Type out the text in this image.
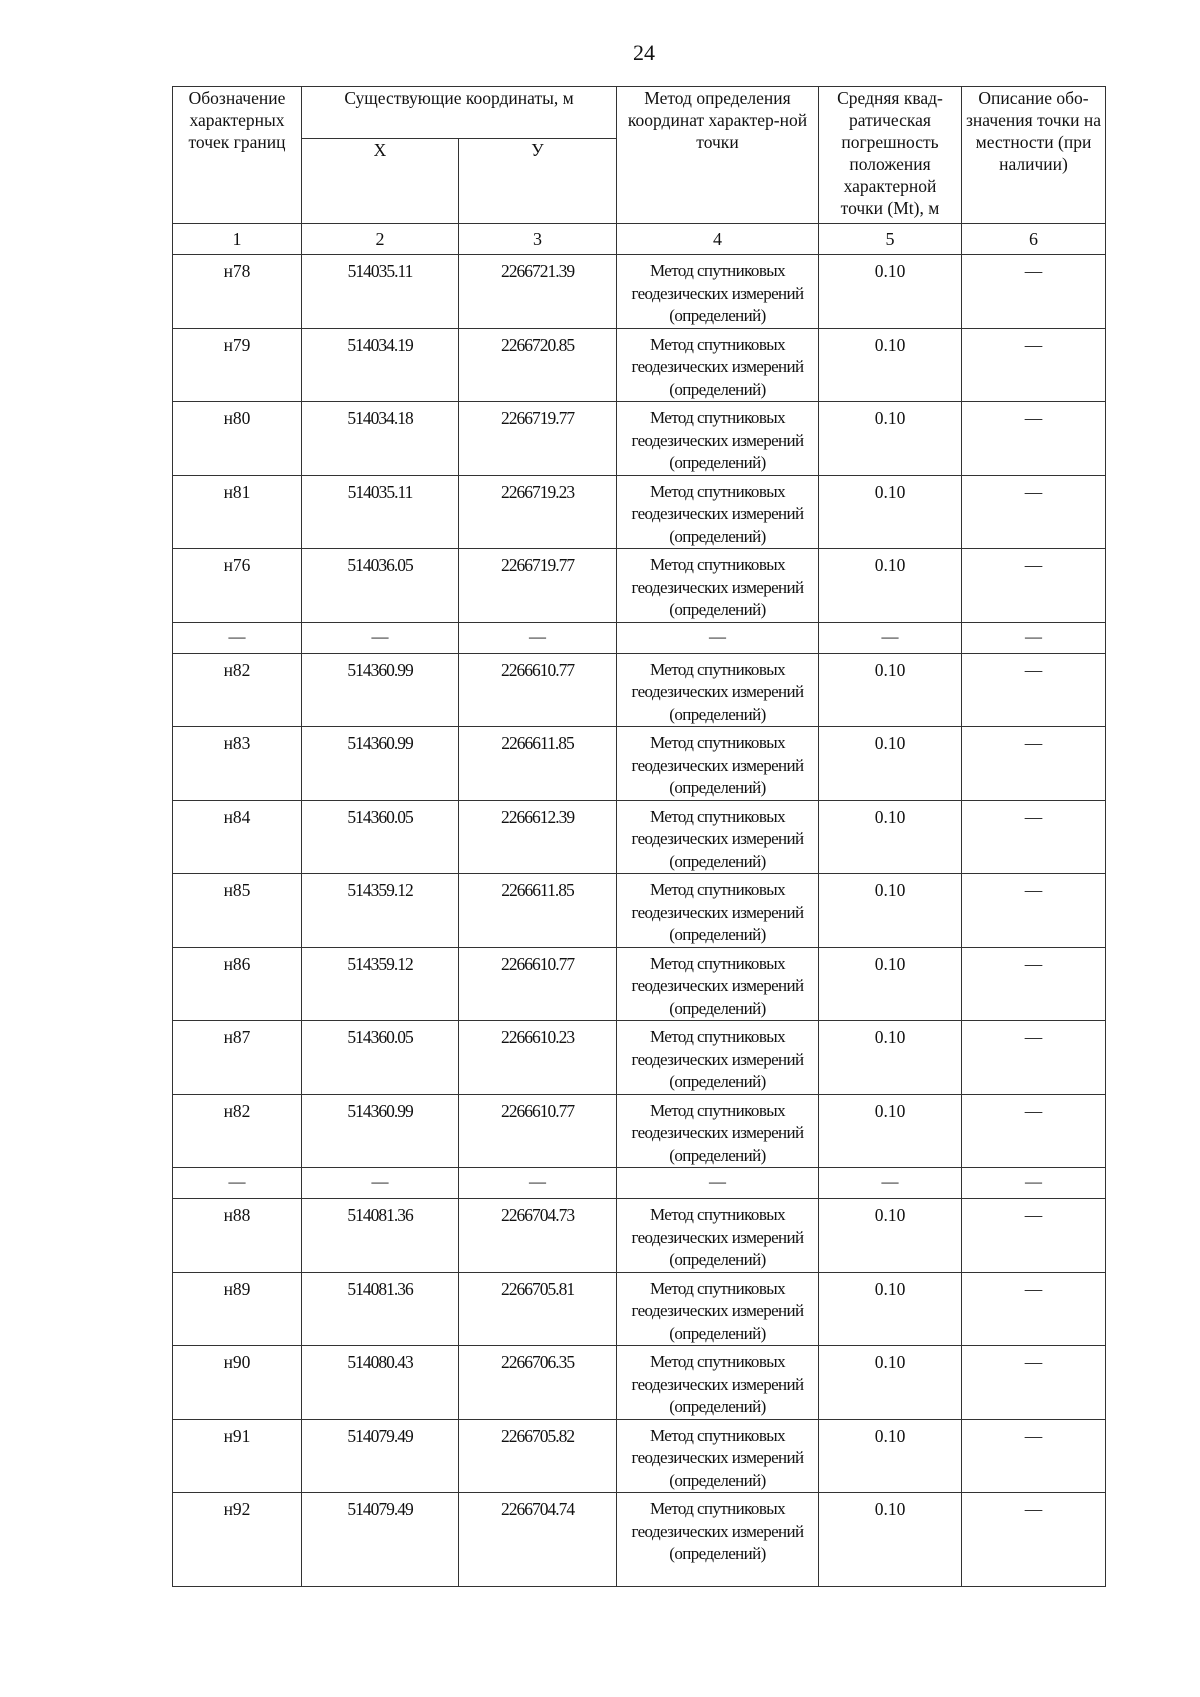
24
Обозначение характерных точек границ	Существующие координаты, м		Метод определения координат характер-ной точки	Средняя квад-ратическая погрешность положения характерной точки (Mt), м	Описание обо-значения точки на местности (при наличии)
	X	У			
1	2	3	4	5	6
н78	514035.11	2266721.39	Метод спутниковых геодезических измерений (определений)	0.10	—
н79	514034.19	2266720.85	Метод спутниковых геодезических измерений (определений)	0.10	—
н80	514034.18	2266719.77	Метод спутниковых геодезических измерений (определений)	0.10	—
н81	514035.11	2266719.23	Метод спутниковых геодезических измерений (определений)	0.10	—
н76	514036.05	2266719.77	Метод спутниковых геодезических измерений (определений)	0.10	—
—	—	—	—	—	—
н82	514360.99	2266610.77	Метод спутниковых геодезических измерений (определений)	0.10	—
н83	514360.99	2266611.85	Метод спутниковых геодезических измерений (определений)	0.10	—
н84	514360.05	2266612.39	Метод спутниковых геодезических измерений (определений)	0.10	—
н85	514359.12	2266611.85	Метод спутниковых геодезических измерений (определений)	0.10	—
н86	514359.12	2266610.77	Метод спутниковых геодезических измерений (определений)	0.10	—
н87	514360.05	2266610.23	Метод спутниковых геодезических измерений (определений)	0.10	—
н82	514360.99	2266610.77	Метод спутниковых геодезических измерений (определений)	0.10	—
—	—	—	—	—	—
н88	514081.36	2266704.73	Метод спутниковых геодезических измерений (определений)	0.10	—
н89	514081.36	2266705.81	Метод спутниковых геодезических измерений (определений)	0.10	—
н90	514080.43	2266706.35	Метод спутниковых геодезических измерений (определений)	0.10	—
н91	514079.49	2266705.82	Метод спутниковых геодезических измерений (определений)	0.10	—
н92	514079.49	2266704.74	Метод спутниковых геодезических измерений (определений)	0.10	—
